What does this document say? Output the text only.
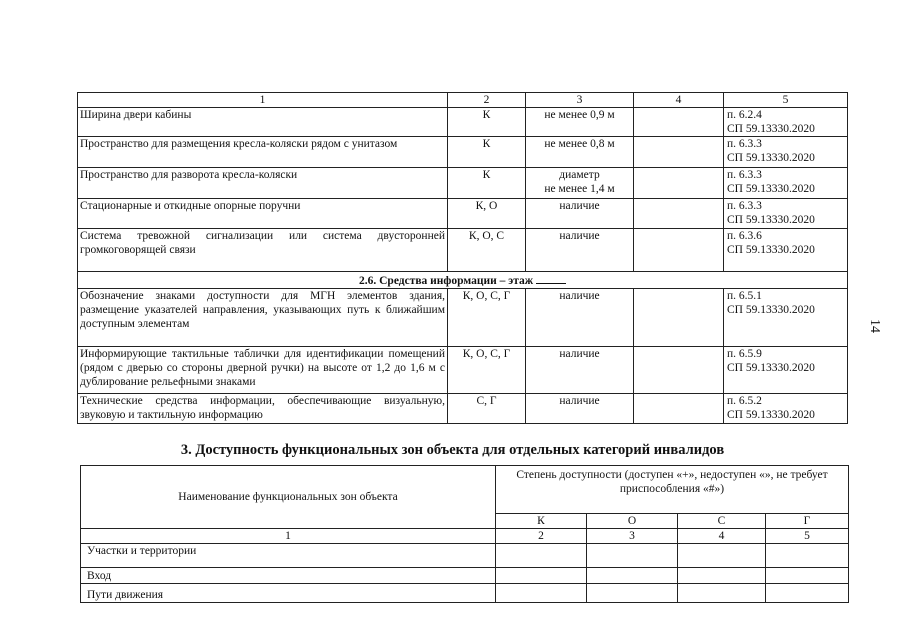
1	2	3	4	5
Ширина двери кабины	К	не менее 0,9 м		п. 6.2.4
СП 59.13330.2020
Пространство для размещения кресла-коляски рядом с унитазом	К	не менее 0,8 м		п. 6.3.3
СП 59.13330.2020
Пространство для разворота кресла-коляски	К	диаметр
не менее 1,4 м		п. 6.3.3
СП 59.13330.2020
Стационарные и откидные опорные поручни	К, О	наличие		п. 6.3.3
СП 59.13330.2020
Система тревожной сигнализации или система двусторонней громкоговорящей связи	К, О, С	наличие		п. 6.3.6
СП 59.13330.2020
2.6. Средства информации – этаж				
Обозначение знаками доступности для МГН элементов здания, размещение указателей направления, указывающих путь к ближайшим доступным элементам	К, О, С, Г	наличие		п. 6.5.1
СП 59.13330.2020
Информирующие тактильные таблички для идентификации помещений (рядом с дверью со стороны дверной ручки) на высоте от 1,2 до 1,6 м с дублирование рельефными знаками	К, О, С, Г	наличие		п. 6.5.9
СП 59.13330.2020
Технические средства информации, обеспечивающие визуальную, звуковую и тактильную информацию	С, Г	наличие		п. 6.5.2
СП 59.13330.2020
3. Доступность функциональных зон объекта для отдельных категорий инвалидов
Наименование функциональных зон объекта	Степень доступности (доступен «+», недоступен «», не требует приспособления «#»)			
	К	О	С	Г
1	2	3	4	5
Участки и территории				
Вход				
Пути движения				
14
